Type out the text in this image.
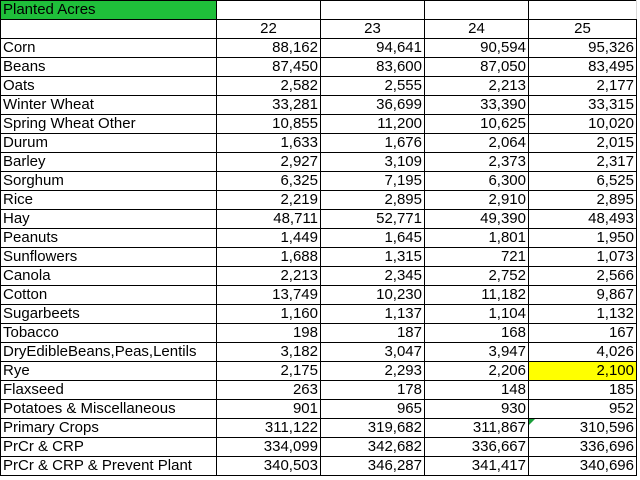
Planted Acres				
	22	23	24	25
Corn	88,162	94,641	90,594	95,326
Beans	87,450	83,600	87,050	83,495
Oats	2,582	2,555	2,213	2,177
Winter Wheat	33,281	36,699	33,390	33,315
Spring Wheat Other	10,855	11,200	10,625	10,020
Durum	1,633	1,676	2,064	2,015
Barley	2,927	3,109	2,373	2,317
Sorghum	6,325	7,195	6,300	6,525
Rice	2,219	2,895	2,910	2,895
Hay	48,711	52,771	49,390	48,493
Peanuts	1,449	1,645	1,801	1,950
Sunflowers	1,688	1,315	721	1,073
Canola	2,213	2,345	2,752	2,566
Cotton	13,749	10,230	11,182	9,867
Sugarbeets	1,160	1,137	1,104	1,132
Tobacco	198	187	168	167
DryEdibleBeans,Peas,Lentils	3,182	3,047	3,947	4,026
Rye	2,175	2,293	2,206	2,100
Flaxseed	263	178	148	185
Potatoes & Miscellaneous	901	965	930	952
Primary Crops	311,122	319,682	311,867	310,596
PrCr & CRP	334,099	342,682	336,667	336,696
PrCr & CRP & Prevent Plant	340,503	346,287	341,417	340,696
